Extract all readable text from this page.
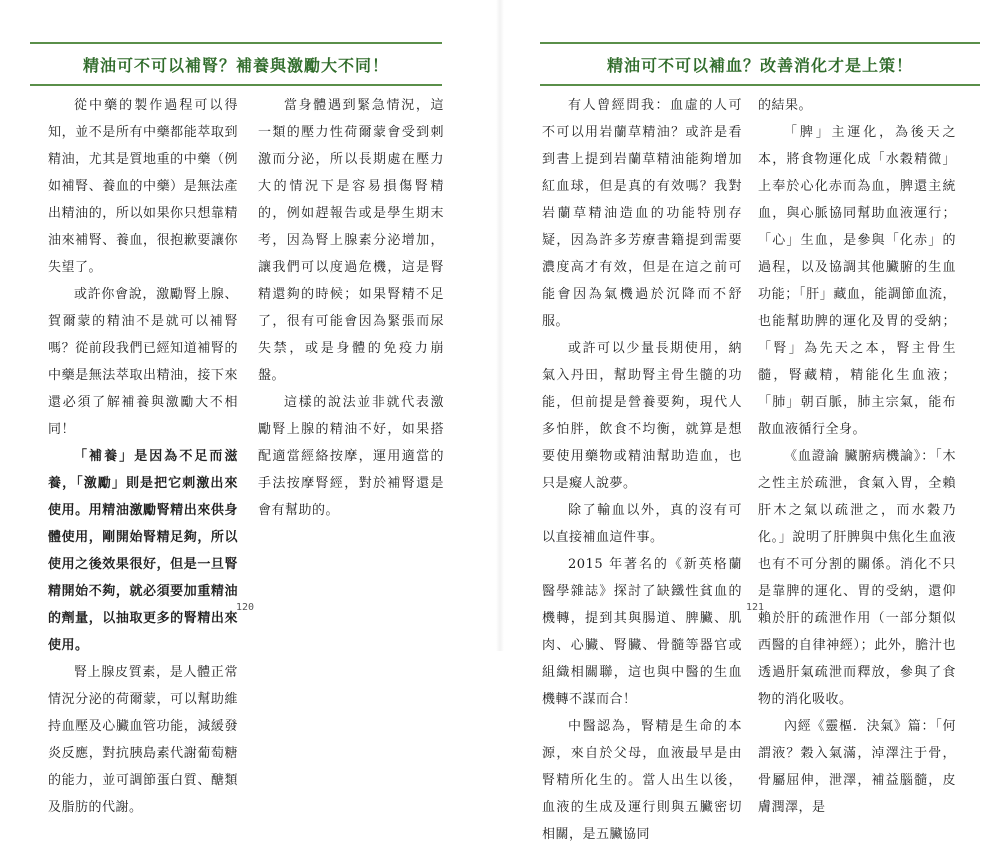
精油可不可以補腎？補養與激勵大不同！

從中藥的製作過程可以得知，並不是所有中藥都能萃取到精油，尤其是質地重的中藥（例如補腎、養血的中藥）是無法產出精油的，所以如果你只想靠精油來補腎、養血，很抱歉要讓你失望了。

或許你會說，激勵腎上腺、賀爾蒙的精油不是就可以補腎嗎？從前段我們已經知道補腎的中藥是無法萃取出精油，接下來還必須了解補養與激勵大不相同！

「補養」是因為不足而滋養，「激勵」則是把它刺激出來使用。用精油激勵腎精出來供身體使用，剛開始腎精足夠，所以使用之後效果很好，但是一旦腎精開始不夠，就必須要加重精油的劑量，以抽取更多的腎精出來使用。

腎上腺皮質素，是人體正常情況分泌的荷爾蒙，可以幫助維持血壓及心臟血管功能，減緩發炎反應，對抗胰島素代謝葡萄糖的能力，並可調節蛋白質、醣類及脂肪的代謝。

當身體遇到緊急情況，這一類的壓力性荷爾蒙會受到刺激而分泌，所以長期處在壓力大的情況下是容易損傷腎精的，例如趕報告或是學生期末考，因為腎上腺素分泌增加，讓我們可以度過危機，這是腎精還夠的時候；如果腎精不足了，很有可能會因為緊張而尿失禁，或是身體的免疫力崩盤。

這樣的說法並非就代表激勵腎上腺的精油不好，如果搭配適當經絡按摩，運用適當的手法按摩腎經，對於補腎還是會有幫助的。

120
精油可不可以補血？改善消化才是上策！

有人曾經問我：血虛的人可不可以用岩蘭草精油？或許是看到書上提到岩蘭草精油能夠增加紅血球，但是真的有效嗎？我對岩蘭草精油造血的功能特別存疑，因為許多芳療書籍提到需要濃度高才有效，但是在這之前可能會因為氣機過於沉降而不舒服。

或許可以少量長期使用，納氣入丹田，幫助腎主骨生髓的功能，但前提是營養要夠，現代人多怕胖，飲食不均衡，就算是想要使用藥物或精油幫助造血，也只是癡人說夢。

除了輸血以外，真的沒有可以直接補血這件事。

2015 年著名的《新英格蘭醫學雜誌》探討了缺鐵性貧血的機轉，提到其與腸道、脾臟、肌肉、心臟、腎臟、骨髓等器官或組織相關聯，這也與中醫的生血機轉不謀而合！

中醫認為，腎精是生命的本源，來自於父母，血液最早是由腎精所化生的。當人出生以後，血液的生成及運行則與五臟密切相關，是五臟協同

的結果。

「脾」主運化，為後天之本，將食物運化成「水穀精微」上奉於心化赤而為血，脾還主統血，與心脈協同幫助血液運行；「心」生血，是參與「化赤」的過程，以及協調其他臟腑的生血功能；「肝」藏血，能調節血流，也能幫助脾的運化及胃的受納；「腎」為先天之本，腎主骨生髓，腎藏精，精能化生血液；「肺」朝百脈，肺主宗氣，能布散血液循行全身。

《血證論 臟腑病機論》：「木之性主於疏泄，食氣入胃，全賴肝木之氣以疏泄之，而水穀乃化。」說明了肝脾與中焦化生血液也有不可分割的關係。消化不只是靠脾的運化、胃的受納，還仰賴於肝的疏泄作用（一部分類似西醫的自律神經）；此外，膽汁也透過肝氣疏泄而釋放，參與了食物的消化吸收。

內經《靈樞．決氣》篇：「何謂液？穀入氣滿，淖澤注于骨，骨屬屈伸，泄澤，補益腦髓，皮膚潤澤，是

121
